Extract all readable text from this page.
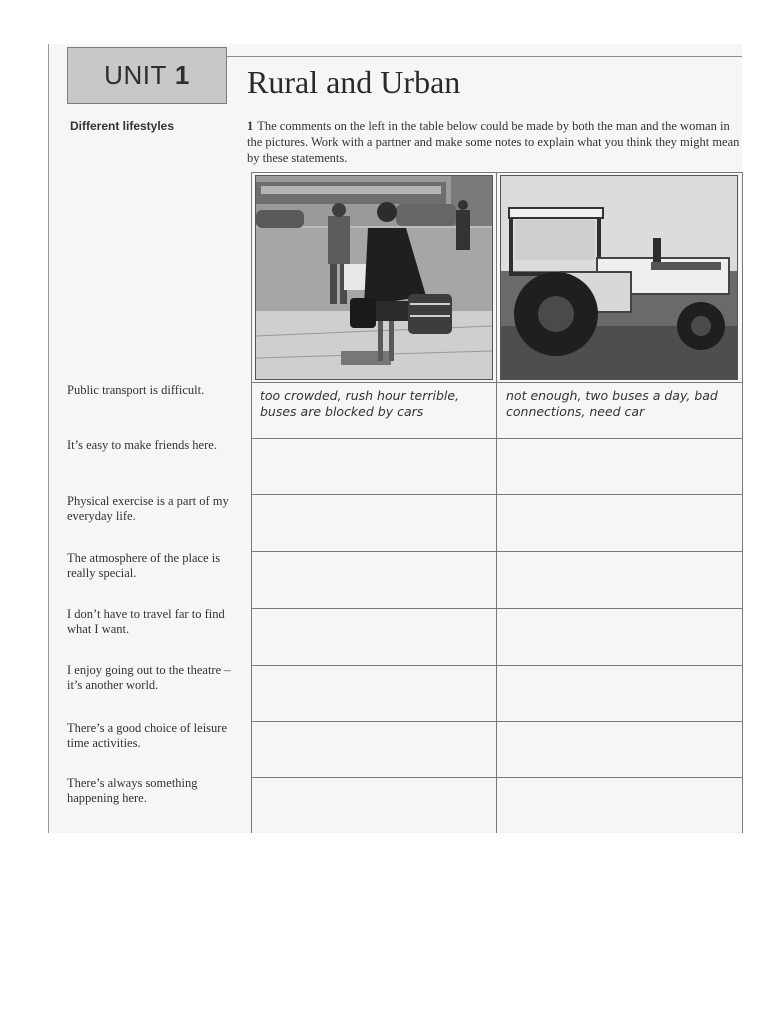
UNIT 1 Rural and Urban
Different lifestyles	1 The comments on the left in the table below could be made by both the man and the woman in the pictures. Work with a partner and make some notes to explain what you think they might mean by these statements.
too crowded, rush hour terrible, buses are blocked by cars
not enough, two buses a day, bad connections, need car
Public transport is difficult.
It’s easy to make friends here.
Physical exercise is a part of my everyday life.
The atmosphere of the place is really special.
I don’t have to travel far to find what I want.
I enjoy going out to the theatre – it’s another world.
There’s a good choice of leisure time activities.
There’s always something happening here.
